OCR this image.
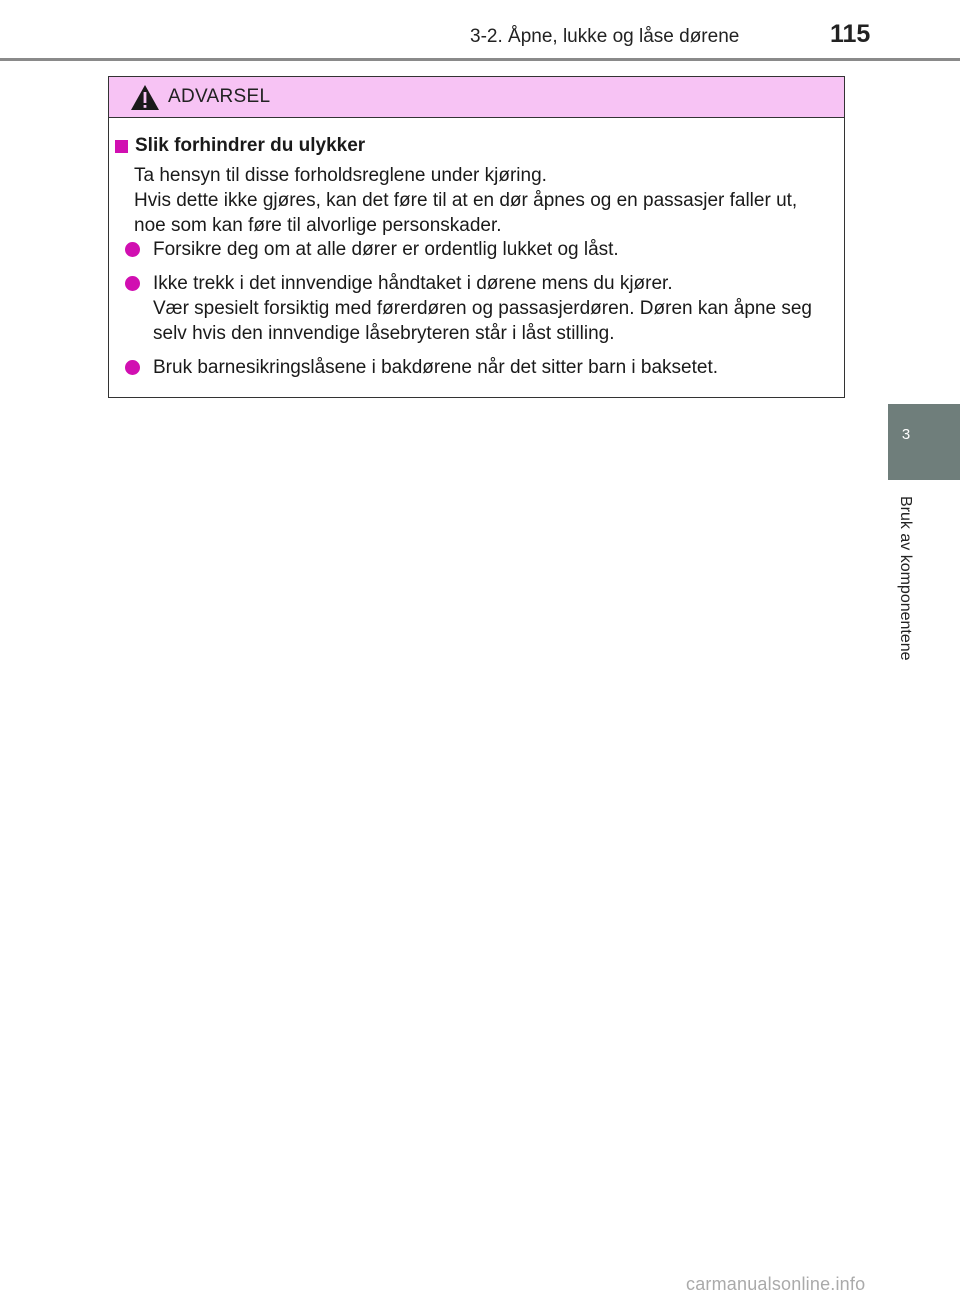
3-2. Åpne, lukke og låse dørene	115
3
Bruk av komponentene
ADVARSEL
Slik forhindrer du ulykker
Ta hensyn til disse forholdsreglene under kjøring.
Hvis dette ikke gjøres, kan det føre til at en dør åpnes og en passasjer faller ut, noe som kan føre til alvorlige personskader.
Forsikre deg om at alle dører er ordentlig lukket og låst.
Ikke trekk i det innvendige håndtaket i dørene mens du kjører.
Vær spesielt forsiktig med førerdøren og passasjerdøren. Døren kan åpne seg selv hvis den innvendige låsebryteren står i låst stilling.
Bruk barnesikringslåsene i bakdørene når det sitter barn i baksetet.
carmanualsonline.info
